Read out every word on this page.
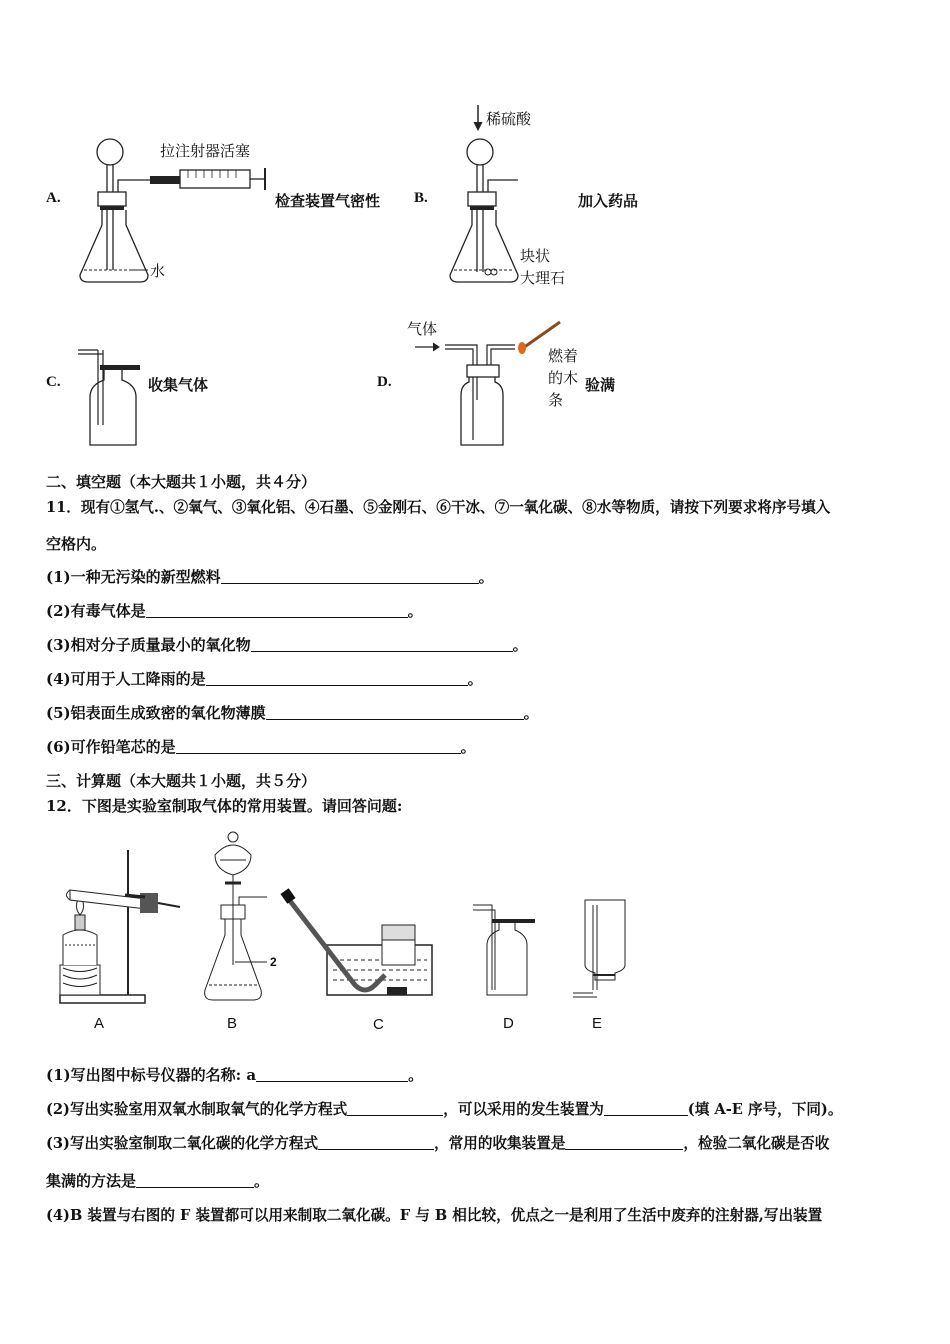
A.
拉注射器活塞
水
检查装置气密性 B.
稀硫酸
块状
大理石
加入药品
C.	收集气体	D.
气体
燃着
的木
条
验满
二、填空题（本大题共１小题，共４分）
11．现有①氢气.、②氧气、③氧化铝、④石墨、⑤金刚石、⑥干冰、⑦一氧化碳、⑧水等物质，请按下列要求将序号填入
空格内。
(1)一种无污染的新型燃料	。
(2)有毒气体是	。
(3)相对分子质量最小的氧化物	。
(4)可用于人工降雨的是	。
(5)铝表面生成致密的氧化物薄膜	。
(6)可作铅笔芯的是	。
三、计算题（本大题共１小题，共５分）
12．下图是实验室制取气体的常用装置。请回答问题:
2
A	B	C	D	E
(1)写出图中标号仪器的名称: a	。
(2)写出实验室用双氧水制取氧气的化学方程式	，可以采用的发生装置为	(填 A-E 序号，下同)。
(3)写出实验室制取二氧化碳的化学方程式	，常用的收集装置是	，检验二氧化碳是否收
集满的方法是	。
(4)B 装置与右图的 F 装置都可以用来制取二氧化碳。F 与 B 相比较，优点之一是利用了生活中废弃的注射器,写出装置
